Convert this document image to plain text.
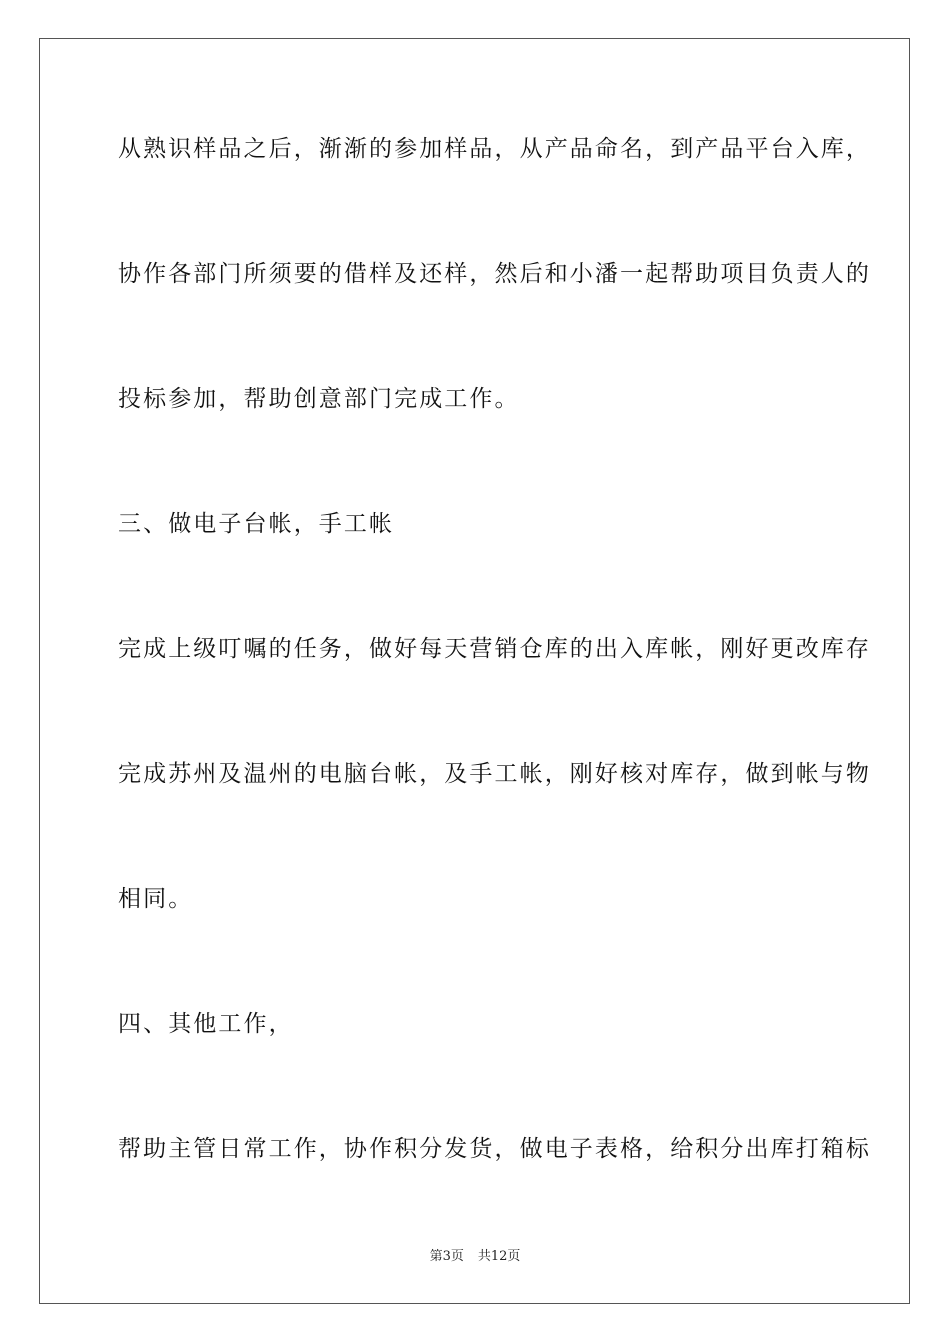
从熟识样品之后，渐渐的参加样品，从产品命名，到产品平台入库，
协作各部门所须要的借样及还样，然后和小潘一起帮助项目负责人的
投标参加，帮助创意部门完成工作。
三、做电子台帐，手工帐
完成上级叮嘱的任务，做好每天营销仓库的出入库帐，刚好更改库存
完成苏州及温州的电脑台帐，及手工帐，刚好核对库存，做到帐与物
相同。
四、其他工作，
帮助主管日常工作，协作积分发货，做电子表格，给积分出库打箱标
第3页 共12页
